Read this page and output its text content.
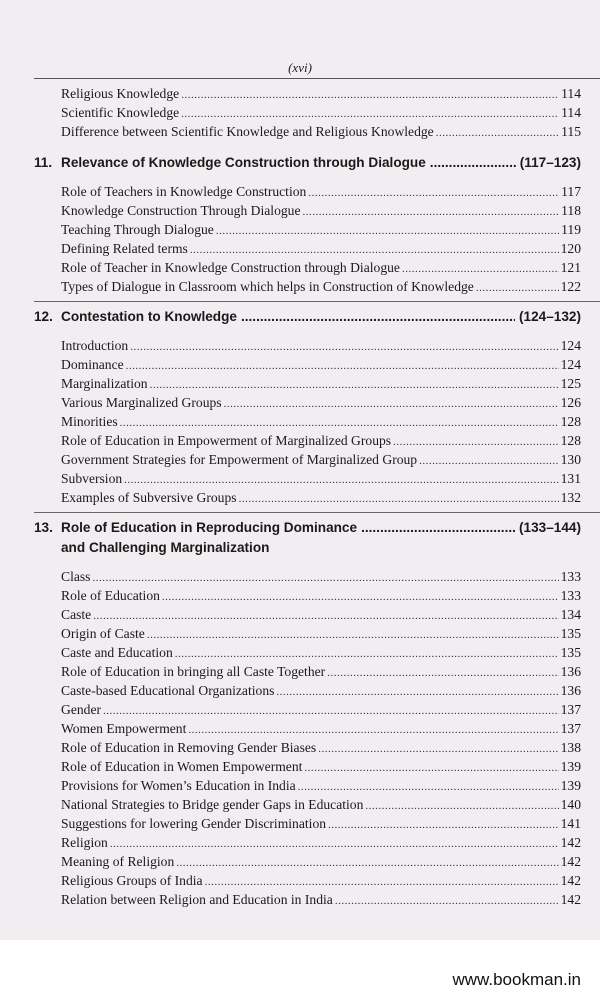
(xvi)
Religious Knowledge .....	114
Scientific Knowledge .....	114
Difference between Scientific Knowledge and Religious Knowledge .....	115
11. Relevance of Knowledge Construction through Dialogue .....	(117–123)
Role of Teachers in Knowledge Construction .....	117
Knowledge Construction Through Dialogue .....	118
Teaching Through Dialogue .....	119
Defining Related terms .....	120
Role of Teacher in Knowledge Construction through Dialogue .....	121
Types of Dialogue in Classroom which helps in Construction of Knowledge .....	122
12. Contestation to Knowledge .....	(124–132)
Introduction .....	124
Dominance .....	124
Marginalization .....	125
Various Marginalized Groups .....	126
Minorities .....	128
Role of Education in Empowerment of Marginalized Groups .....	128
Government Strategies for Empowerment of Marginalized Group .....	130
Subversion .....	131
Examples of Subversive Groups .....	132
13. Role of Education in Reproducing Dominance .....	(133–144)
and Challenging Marginalization
Class .....	133
Role of Education .....	133
Caste .....	134
Origin of Caste .....	135
Caste and Education .....	135
Role of Education in bringing all Caste Together .....	136
Caste-based Educational Organizations .....	136
Gender .....	137
Women Empowerment .....	137
Role of Education in Removing Gender Biases .....	138
Role of Education in Women Empowerment .....	139
Provisions for Women’s Education in India .....	139
National Strategies to Bridge gender Gaps in Education .....	140
Suggestions for lowering Gender Discrimination .....	141
Religion .....	142
Meaning of Religion .....	142
Religious Groups of India .....	142
Relation between Religion and Education in India .....	142
www.bookman.in
